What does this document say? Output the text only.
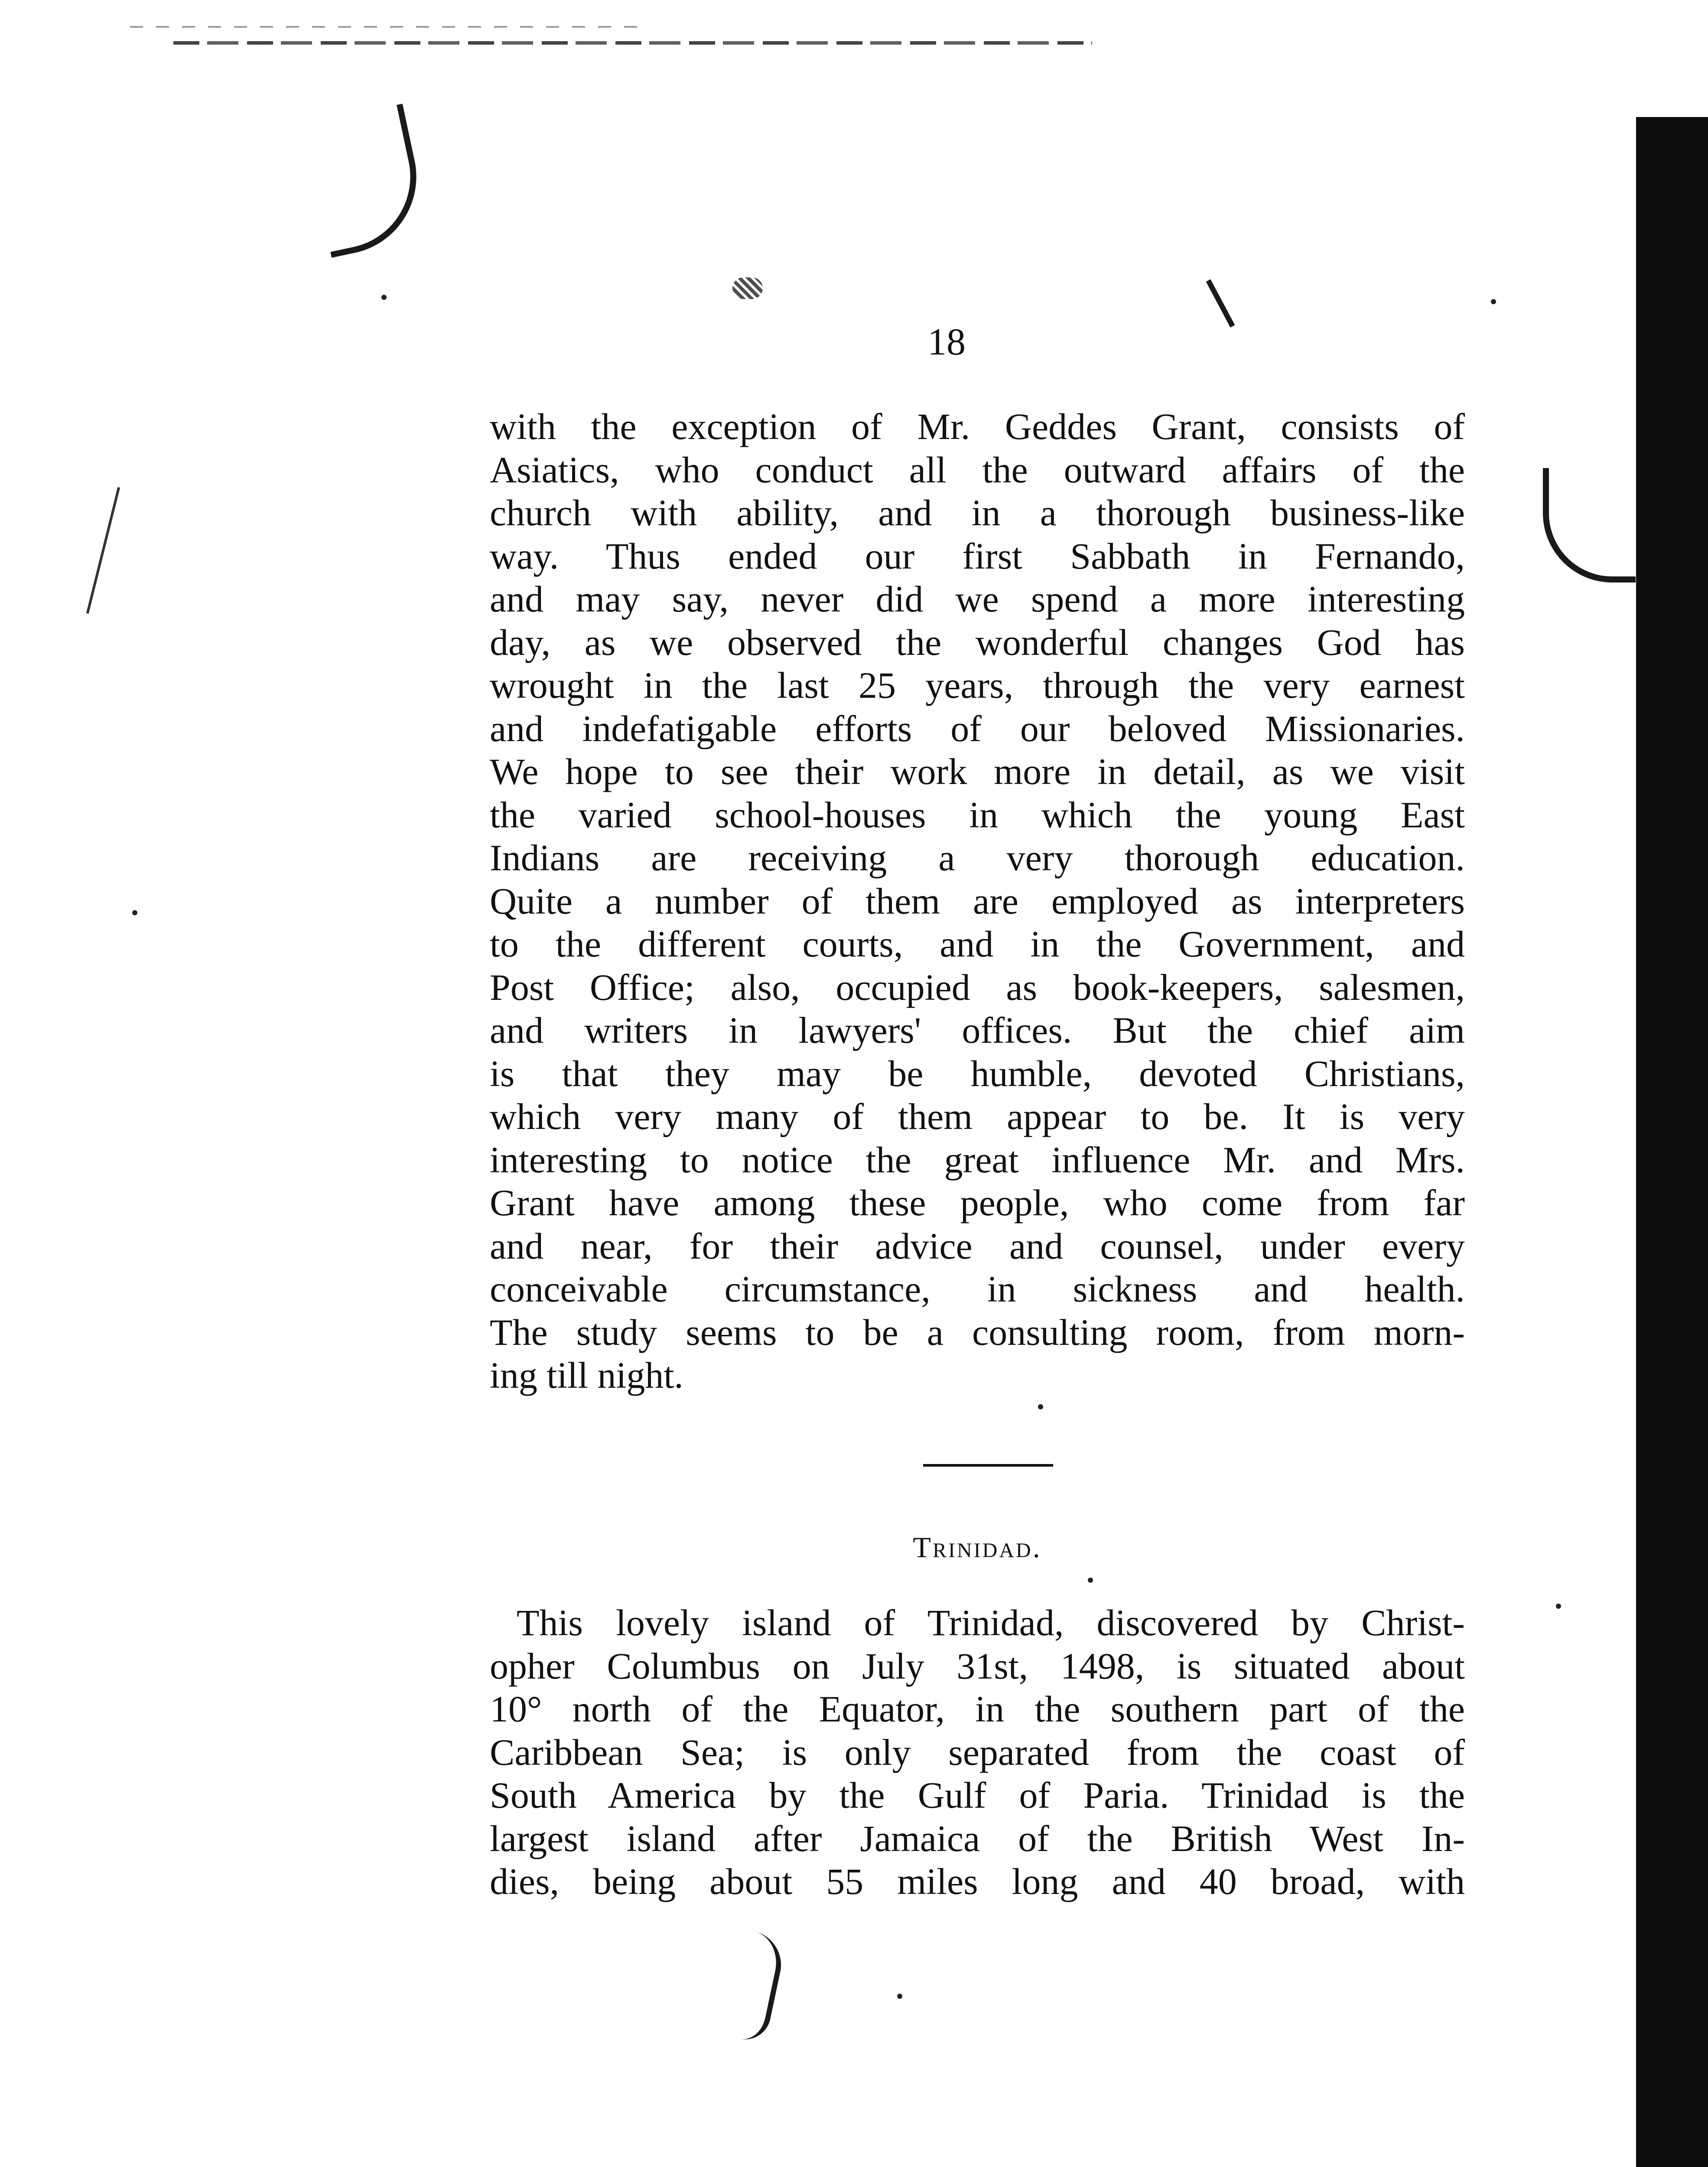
18
with the exception of Mr. Geddes Grant, consists of
Asiatics, who conduct all the outward affairs of the
church with ability, and in a thorough business-like
way. Thus ended our first Sabbath in Fernando,
and may say, never did we spend a more interesting
day, as we observed the wonderful changes God has
wrought in the last 25 years, through the very earnest
and indefatigable efforts of our beloved Missionaries.
We hope to see their work more in detail, as we visit
the varied school-houses in which the young East
Indians are receiving a very thorough education.
Quite a number of them are employed as interpreters
to the different courts, and in the Government, and
Post Office; also, occupied as book-keepers, salesmen,
and writers in lawyers' offices. But the chief aim
is that they may be humble, devoted Christians,
which very many of them appear to be. It is very
interesting to notice the great influence Mr. and Mrs.
Grant have among these people, who come from far
and near, for their advice and counsel, under every
conceivable circumstance, in sickness and health.
The study seems to be a consulting room, from morn-
ing till night.
Trinidad.
This lovely island of Trinidad, discovered by Christ-
opher Columbus on July 31st, 1498, is situated about
10° north of the Equator, in the southern part of the
Caribbean Sea; is only separated from the coast of
South America by the Gulf of Paria. Trinidad is the
largest island after Jamaica of the British West In-
dies, being about 55 miles long and 40 broad, with
